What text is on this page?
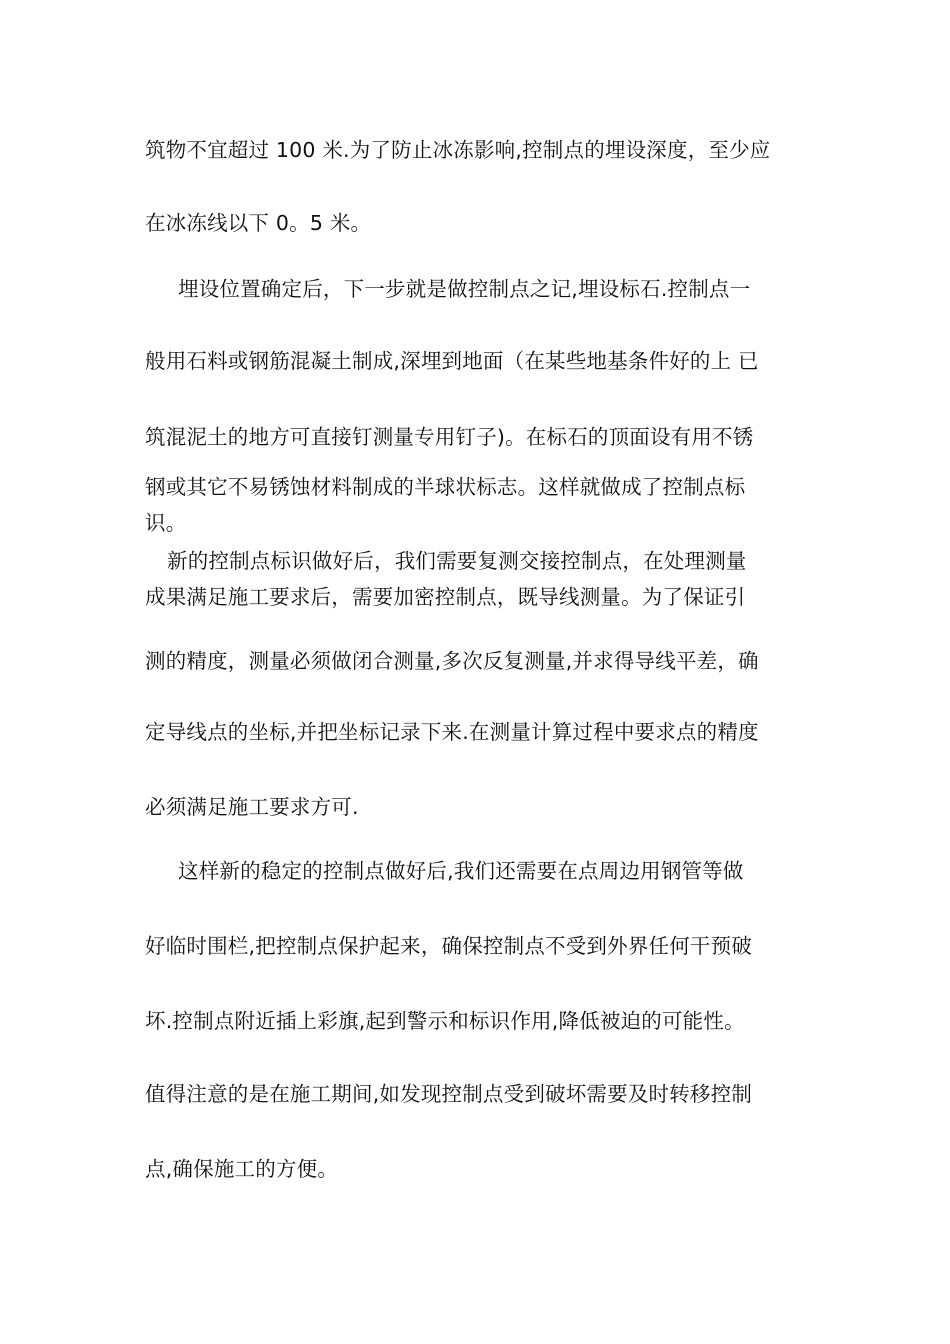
筑物不宜超过 100 米.为了防止冰冻影响,控制点的埋设深度，至少应
在冰冻线以下 0。5 米。
埋设位置确定后，下一步就是做控制点之记,埋设标石.控制点一
般用石料或钢筋混凝土制成,深埋到地面（在某些地基条件好的上 已
筑混泥土的地方可直接钉测量专用钉子)。在标石的顶面设有用不锈
钢或其它不易锈蚀材料制成的半球状标志。这样就做成了控制点标
识。
新的控制点标识做好后，我们需要复测交接控制点，在处理测量
成果满足施工要求后，需要加密控制点，既导线测量。为了保证引
测的精度，测量必须做闭合测量,多次反复测量,并求得导线平差，确
定导线点的坐标,并把坐标记录下来.在测量计算过程中要求点的精度
必须满足施工要求方可.
这样新的稳定的控制点做好后,我们还需要在点周边用钢管等做
好临时围栏,把控制点保护起来，确保控制点不受到外界任何干预破
坏.控制点附近插上彩旗,起到警示和标识作用,降低被迫的可能性。
值得注意的是在施工期间,如发现控制点受到破坏需要及时转移控制
点,确保施工的方便。
